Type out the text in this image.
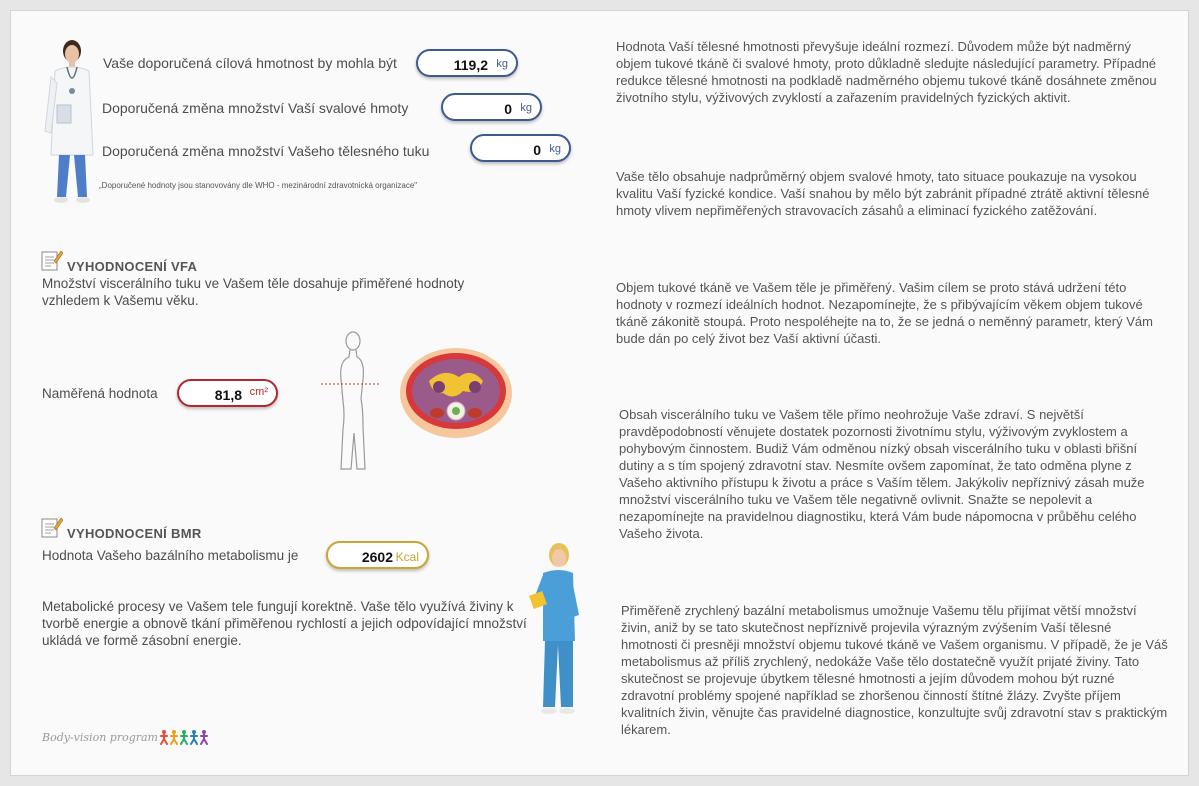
Vaše doporučená cílová hmotnost by mohla být	119,2 kg
Doporučená změna množství Vaší svalové hmoty	0 kg
Doporučená změna množství Vašeho tělesného tuku	0 kg
„Doporučené hodnoty jsou stanovovány dle WHO - mezinárodní zdravotnická organizace"
VYHODNOCENÍ VFA
Množství viscerálního tuku ve Vašem těle dosahuje přiměřené hodnoty vzhledem k Vašemu věku.
Naměřená hodnota	81,8 cm²
VYHODNOCENÍ BMR
Hodnota Vašeho bazálního metabolismu je	2602 Kcal
Metabolické procesy ve Vašem tele fungují korektně. Vaše tělo využívá živiny k tvorbě energie a obnově tkání přiměřenou rychlostí a jejich odpovídající množství ukládá ve formě zásobní energie.
Hodnota Vaší tělesné hmotnosti převyšuje ideální rozmezí. Důvodem může být nadměrný objem tukové tkáně či svalové hmoty, proto důkladně sledujte následující parametry. Případné redukce tělesné hmotnosti na podkladě nadměrného objemu tukové tkáně dosáhnete změnou životního stylu, výživových zvyklostí a zařazením pravidelných fyzických aktivit.
Vaše tělo obsahuje nadprůměrný objem svalové hmoty, tato situace poukazuje na vysokou kvalitu Vaší fyzické kondice. Vaší snahou by mělo být zabránit případné ztrátě aktivní tělesné hmoty vlivem nepřiměřených stravovacích zásahů a eliminací fyzického zatěžování.
Objem tukové tkáně ve Vašem těle je přiměřený. Vašim cílem se proto stává udržení této hodnoty v rozmezí ideálních hodnot. Nezapomínejte, že s přibývajícím věkem objem tukové tkáně zákonitě stoupá. Proto nespoléhejte na to, že se jedná o neměnný parametr, který Vám bude dán po celý život bez Vaší aktivní účasti.
Obsah viscerálního tuku ve Vašem těle přímo neohrožuje Vaše zdraví. S největší pravděpodobností věnujete dostatek pozornosti životnímu stylu, výživovým zvyklostem a pohybovým činnostem. Budiž Vám odměnou nízký obsah viscerálního tuku v oblasti břišní dutiny a s tím spojený zdravotní stav. Nesmíte ovšem zapomínat, že tato odměna plyne z Vašeho aktivního přístupu k životu a práce s Vaším tělem. Jakýkoliv nepříznivý zásah muže množství viscerálního tuku ve Vašem těle negativně ovlivnit. Snažte se nepolevit a nezapomínejte na pravidelnou diagnostiku, která Vám bude nápomocna v průběhu celého Vašeho života.
Přiměřeně zrychlený bazální metabolismus umožnuje Vašemu tělu přijímat větší množství živin, aniž by se tato skutečnost nepříznivě projevila výrazným zvýšením Vaší tělesné hmotnosti či presněji množství objemu tukové tkáně ve Vašem organismu. V případě, že je Váš metabolismus až příliš zrychlený, nedokáže Vaše tělo dostatečně využít prijaté živiny. Tato skutečnost se projevuje úbytkem tělesné hmotnosti a jejím důvodem mohou být ruzné zdravotní problémy spojené například se zhoršenou činností štítné žlázy. Zvyšte příjem kvalitních živin, věnujte čas pravidelné diagnostice, konzultujte svůj zdravotní stav s praktickým lékarem.
Body-vision program
